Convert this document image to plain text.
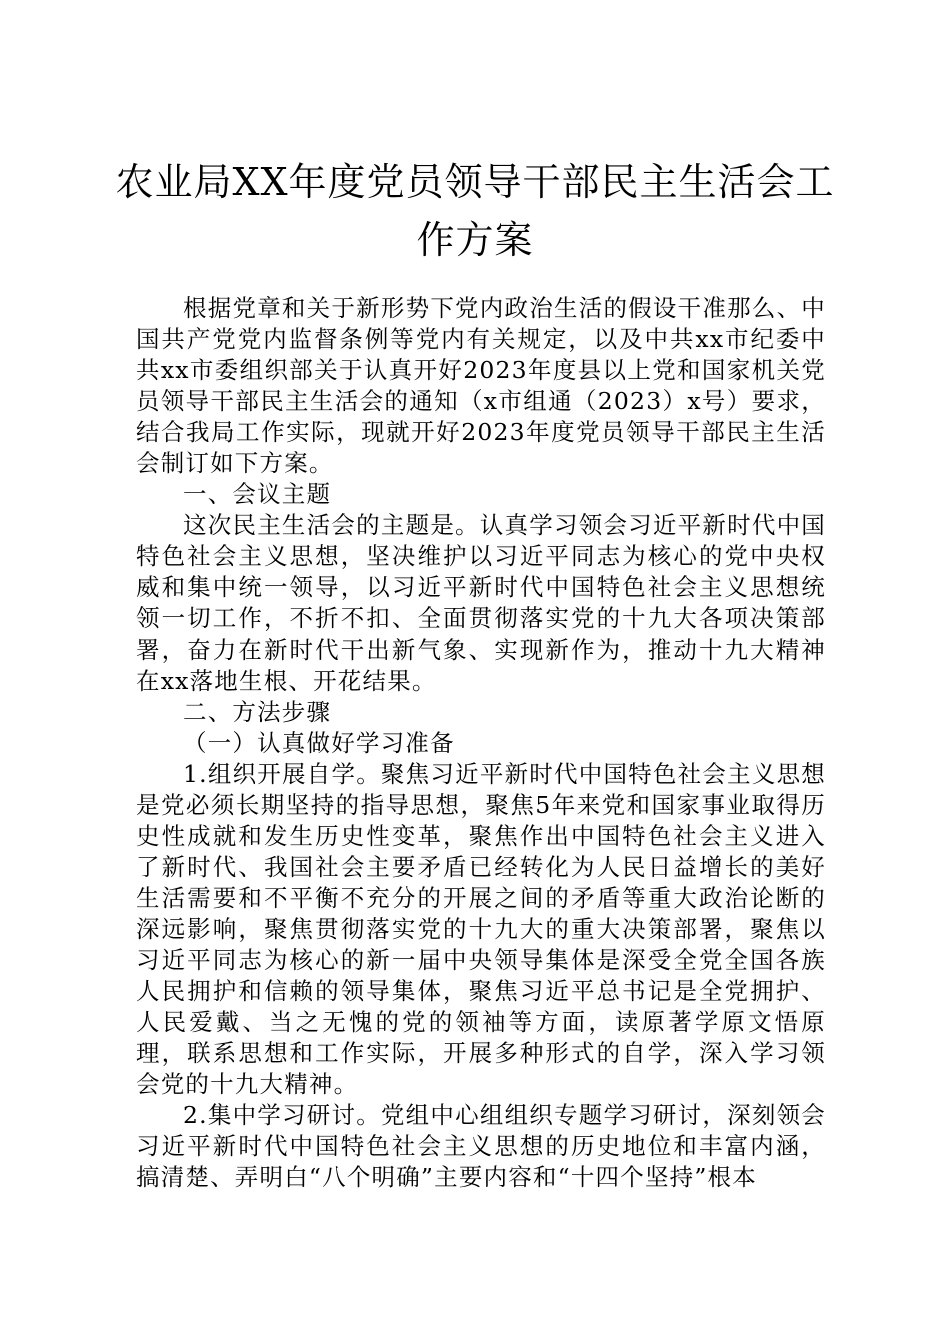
农业局XX年度党员领导干部民主生活会工
作方案

根据党章和关于新形势下党内政治生活的假设干准那么、中国共产党党内监督条例等党内有关规定，以及中共xx市纪委中共xx市委组织部关于认真开好2023年度县以上党和国家机关党员领导干部民主生活会的通知（x市组通（2023）x号）要求，结合我局工作实际，现就开好2023年度党员领导干部民主生活会制订如下方案。

一、会议主题

这次民主生活会的主题是。认真学习领会习近平新时代中国特色社会主义思想，坚决维护以习近平同志为核心的党中央权威和集中统一领导，以习近平新时代中国特色社会主义思想统领一切工作，不折不扣、全面贯彻落实党的十九大各项决策部署，奋力在新时代干出新气象、实现新作为，推动十九大精神在xx落地生根、开花结果。

二、方法步骤

（一）认真做好学习准备

1.组织开展自学。聚焦习近平新时代中国特色社会主义思想是党必须长期坚持的指导思想，聚焦5年来党和国家事业取得历史性成就和发生历史性变革，聚焦作出中国特色社会主义进入了新时代、我国社会主要矛盾已经转化为人民日益增长的美好生活需要和不平衡不充分的开展之间的矛盾等重大政治论断的深远影响，聚焦贯彻落实党的十九大的重大决策部署，聚焦以习近平同志为核心的新一届中央领导集体是深受全党全国各族人民拥护和信赖的领导集体，聚焦习近平总书记是全党拥护、人民爱戴、当之无愧的党的领袖等方面，读原著学原文悟原理，联系思想和工作实际，开展多种形式的自学，深入学习领会党的十九大精神。

2.集中学习研讨。党组中心组组织专题学习研讨，深刻领会习近平新时代中国特色社会主义思想的历史地位和丰富内涵，搞清楚、弄明白“八个明确”主要内容和“十四个坚持”根本
